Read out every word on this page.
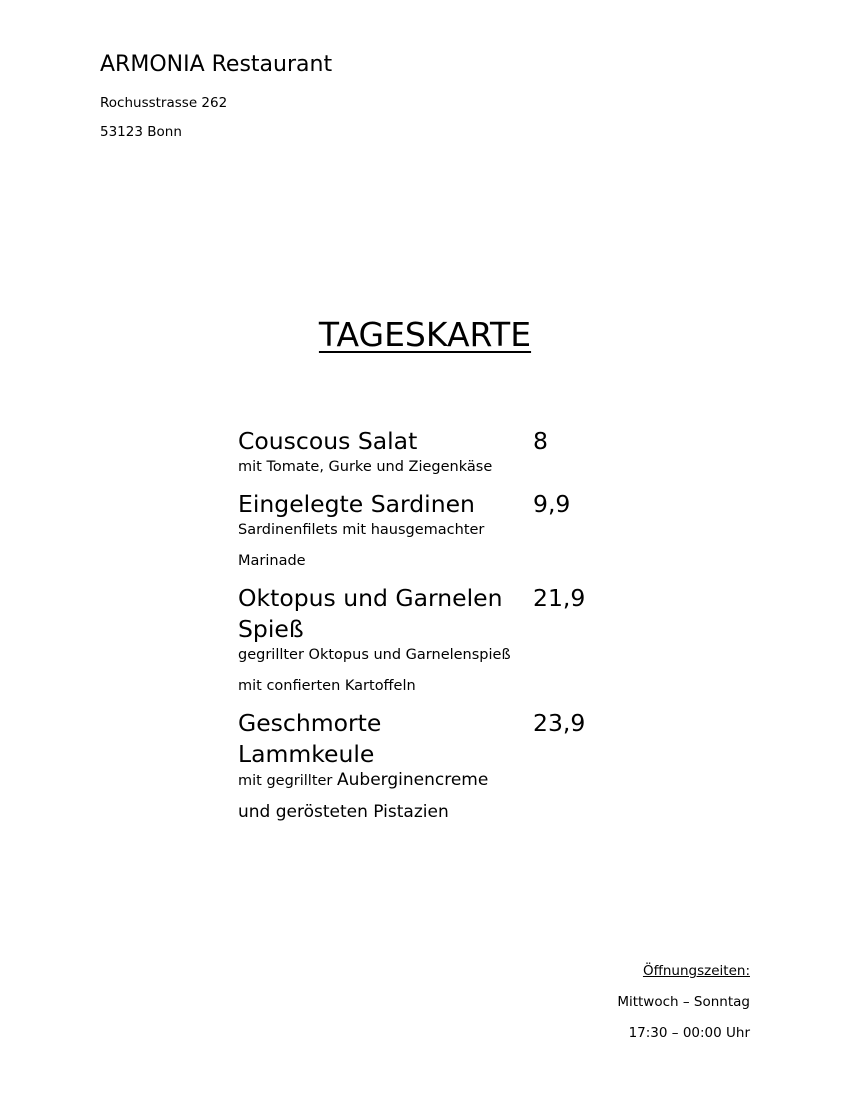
ARMONIA Restaurant
Rochusstrasse 262
53123 Bonn
TAGESKARTE
Couscous Salat	8
mit Tomate, Gurke und Ziegenkäse
Eingelegte Sardinen	9,9
Sardinenfilets mit hausgemachter Marinade
Oktopus und Garnelen Spieß
21,9
gegrillter Oktopus und Garnelenspieß mit confierten Kartoffeln
Geschmorte Lammkeule
23,9
mit gegrillter Auberginencreme und gerösteten Pistazien
Öffnungszeiten:
Mittwoch – Sonntag
17:30 – 00:00 Uhr
